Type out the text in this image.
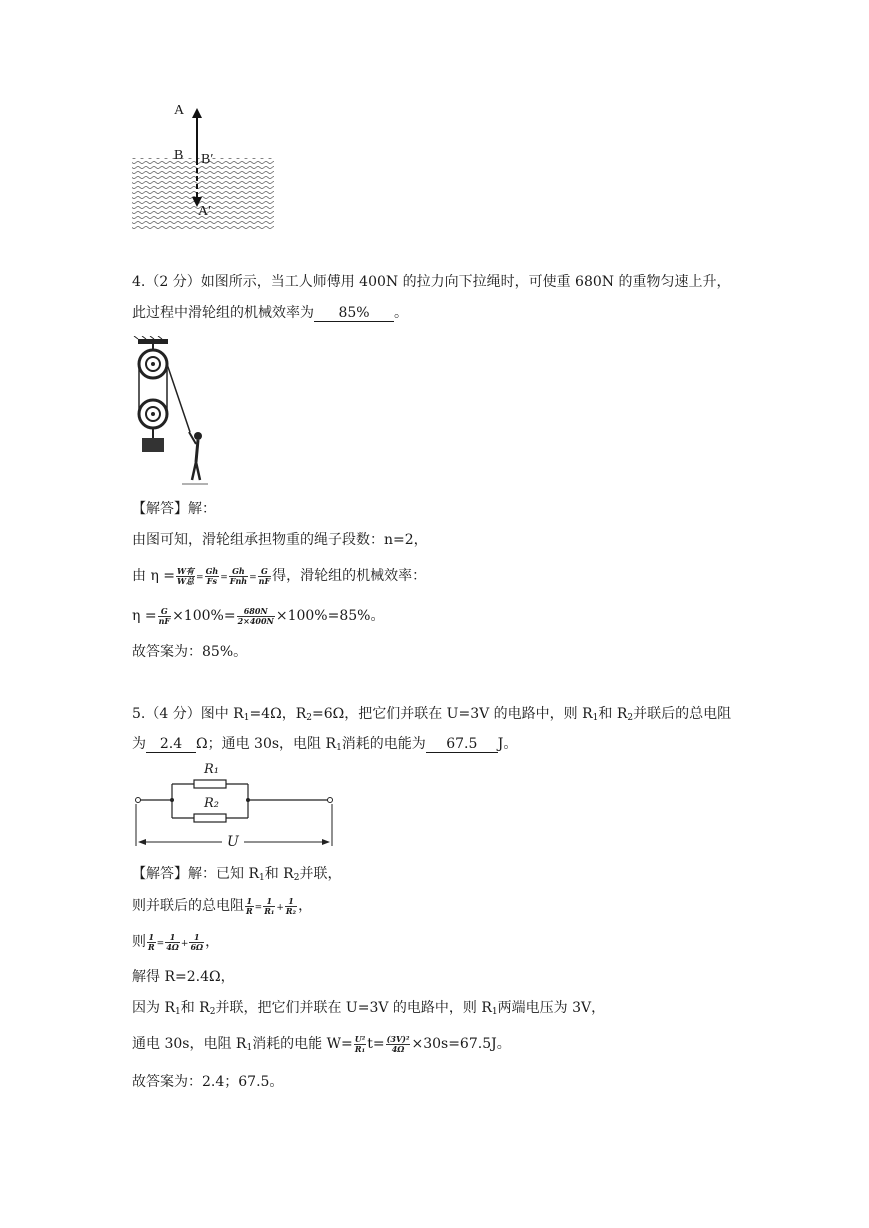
A
B B′
A′
4.（2 分）如图所示，当工人师傅用 400N 的拉力向下拉绳时，可使重 680N 的重物匀速上升，
此过程中滑轮组的机械效率为 85% 。
【解答】解：
由图可知，滑轮组承担物重的绳子段数：n=2，
由 $\eta = \frac{\text{W有}}{\text{W总}} = \frac{Gh}{Fs} = \frac{Gh}{\text{Fnh}} = \frac{G}{nF}$ 得，滑轮组的机械效率：
$\eta = \frac{G}{nF} \times 100\%= \frac{680N}{2\times 400N} \times 100\%=85\%$。
故答案为：85%。
5.（4 分）图中 $R_1=4\Omega$，$R_2=6\Omega$，把它们并联在 U=3V 的电路中，则 $R_1$和 $R_2$并联后的总电阻
为 2.4 Ω；通电 30s，电阻 $R_1$消耗的电能为 67.5 J。
R₁
R₂
U
【解答】解：已知 $R_1$和 $R_2$并联，
则并联后的总电阻 $\frac{1}{R} = \frac{1}{\text{R₁}} + \frac{1}{\text{R₂}}$ ，
则 $\frac{1}{R} = \frac{1}{4\Omega} + \frac{1}{6\Omega}$ ，
解得 R=2.4Ω，
因为 $R_1$和 $R_2$并联，把它们并联在 U=3V 的电路中，则 $R_1$两端电压为 3V，
通电 30s，电阻 $R_1$消耗的电能 $W= \frac{\text{U²}}{\text{R₁}} t= \frac{\text{(3V)²}}{4\Omega} \times 30s=67.5J$。
故答案为：2.4；67.5。
